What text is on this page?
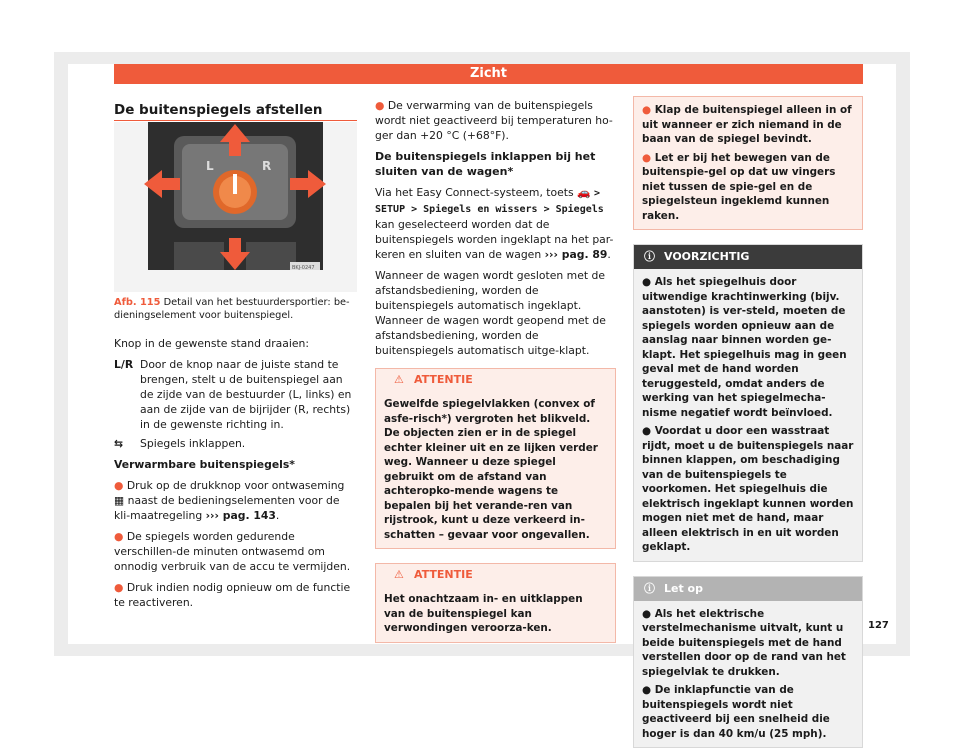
Zicht
De buitenspiegels afstellen
L	R
BKJ-0247
Afb. 115 Detail van het bestuurdersportier: be-dieningselement voor buitenspiegel.
Knop in de gewenste stand draaien:
L/R Door de knop naar de juiste stand te brengen, stelt u de buitenspiegel aan de zijde van de bestuurder (L, links) en aan de zijde van de bijrijder (R, rechts) in de gewenste richting in.
⇆	Spiegels inklappen.
Verwarmbare buitenspiegels*
● Druk op de drukknop voor ontwaseming ▦ naast de bedieningselementen voor de kli-maatregeling ››› pag. 143.
● De spiegels worden gedurende verschillen-de minuten ontwasemd om onnodig verbruik van de accu te vermijden.
● Druk indien nodig opnieuw om de functie te reactiveren.
● De verwarming van de buitenspiegels wordt niet geactiveerd bij temperaturen ho-ger dan +20 °C (+68°F).
De buitenspiegels inklappen bij het sluiten van de wagen*
Via het Easy Connect-systeem, toets 🚗 > SETUP > Spiegels en wissers > Spiegels kan geselecteerd worden dat de buitenspiegels worden ingeklapt na het par-keren en sluiten van de wagen ››› pag. 89.
Wanneer de wagen wordt gesloten met de afstandsbediening, worden de buitenspiegels automatisch ingeklapt. Wanneer de wagen wordt geopend met de afstandsbediening, worden de buitenspiegels automatisch uitge-klapt.
⚠ ATTENTIE
Gewelfde spiegelvlakken (convex of asfe-risch*) vergroten het blikveld. De objecten zien er in de spiegel echter kleiner uit en ze lijken verder weg. Wanneer u deze spiegel gebruikt om de afstand van achteropko-mende wagens te bepalen bij het verande-ren van rijstrook, kunt u deze verkeerd in-schatten – gevaar voor ongevallen.
⚠ ATTENTIE
Het onachtzaam in- en uitklappen van de buitenspiegel kan verwondingen veroorza-ken.
● Klap de buitenspiegel alleen in of uit wanneer er zich niemand in de baan van de spiegel bevindt.
● Let er bij het bewegen van de buitenspie-gel op dat uw vingers niet tussen de spie-gel en de spiegelsteun ingeklemd kunnen raken.
ⓘ VOORZICHTIG
● Als het spiegelhuis door uitwendige krachtinwerking (bijv. aanstoten) is ver-steld, moeten de spiegels worden opnieuw aan de aanslag naar binnen worden ge-klapt. Het spiegelhuis mag in geen geval met de hand worden teruggesteld, omdat anders de werking van het spiegelmecha-nisme negatief wordt beïnvloed.
● Voordat u door een wasstraat rijdt, moet u de buitenspiegels naar binnen klappen, om beschadiging van de buitenspiegels te voorkomen. Het spiegelhuis die elektrisch ingeklapt kunnen worden mogen niet met de hand, maar alleen elektrisch in en uit worden geklapt.
ⓘ Let op
● Als het elektrische verstelmechanisme uitvalt, kunt u beide buitenspiegels met de hand verstellen door op de rand van het spiegelvlak te drukken.
● De inklapfunctie van de buitenspiegels wordt niet geactiveerd bij een snelheid die hoger is dan 40 km/u (25 mph).
127
